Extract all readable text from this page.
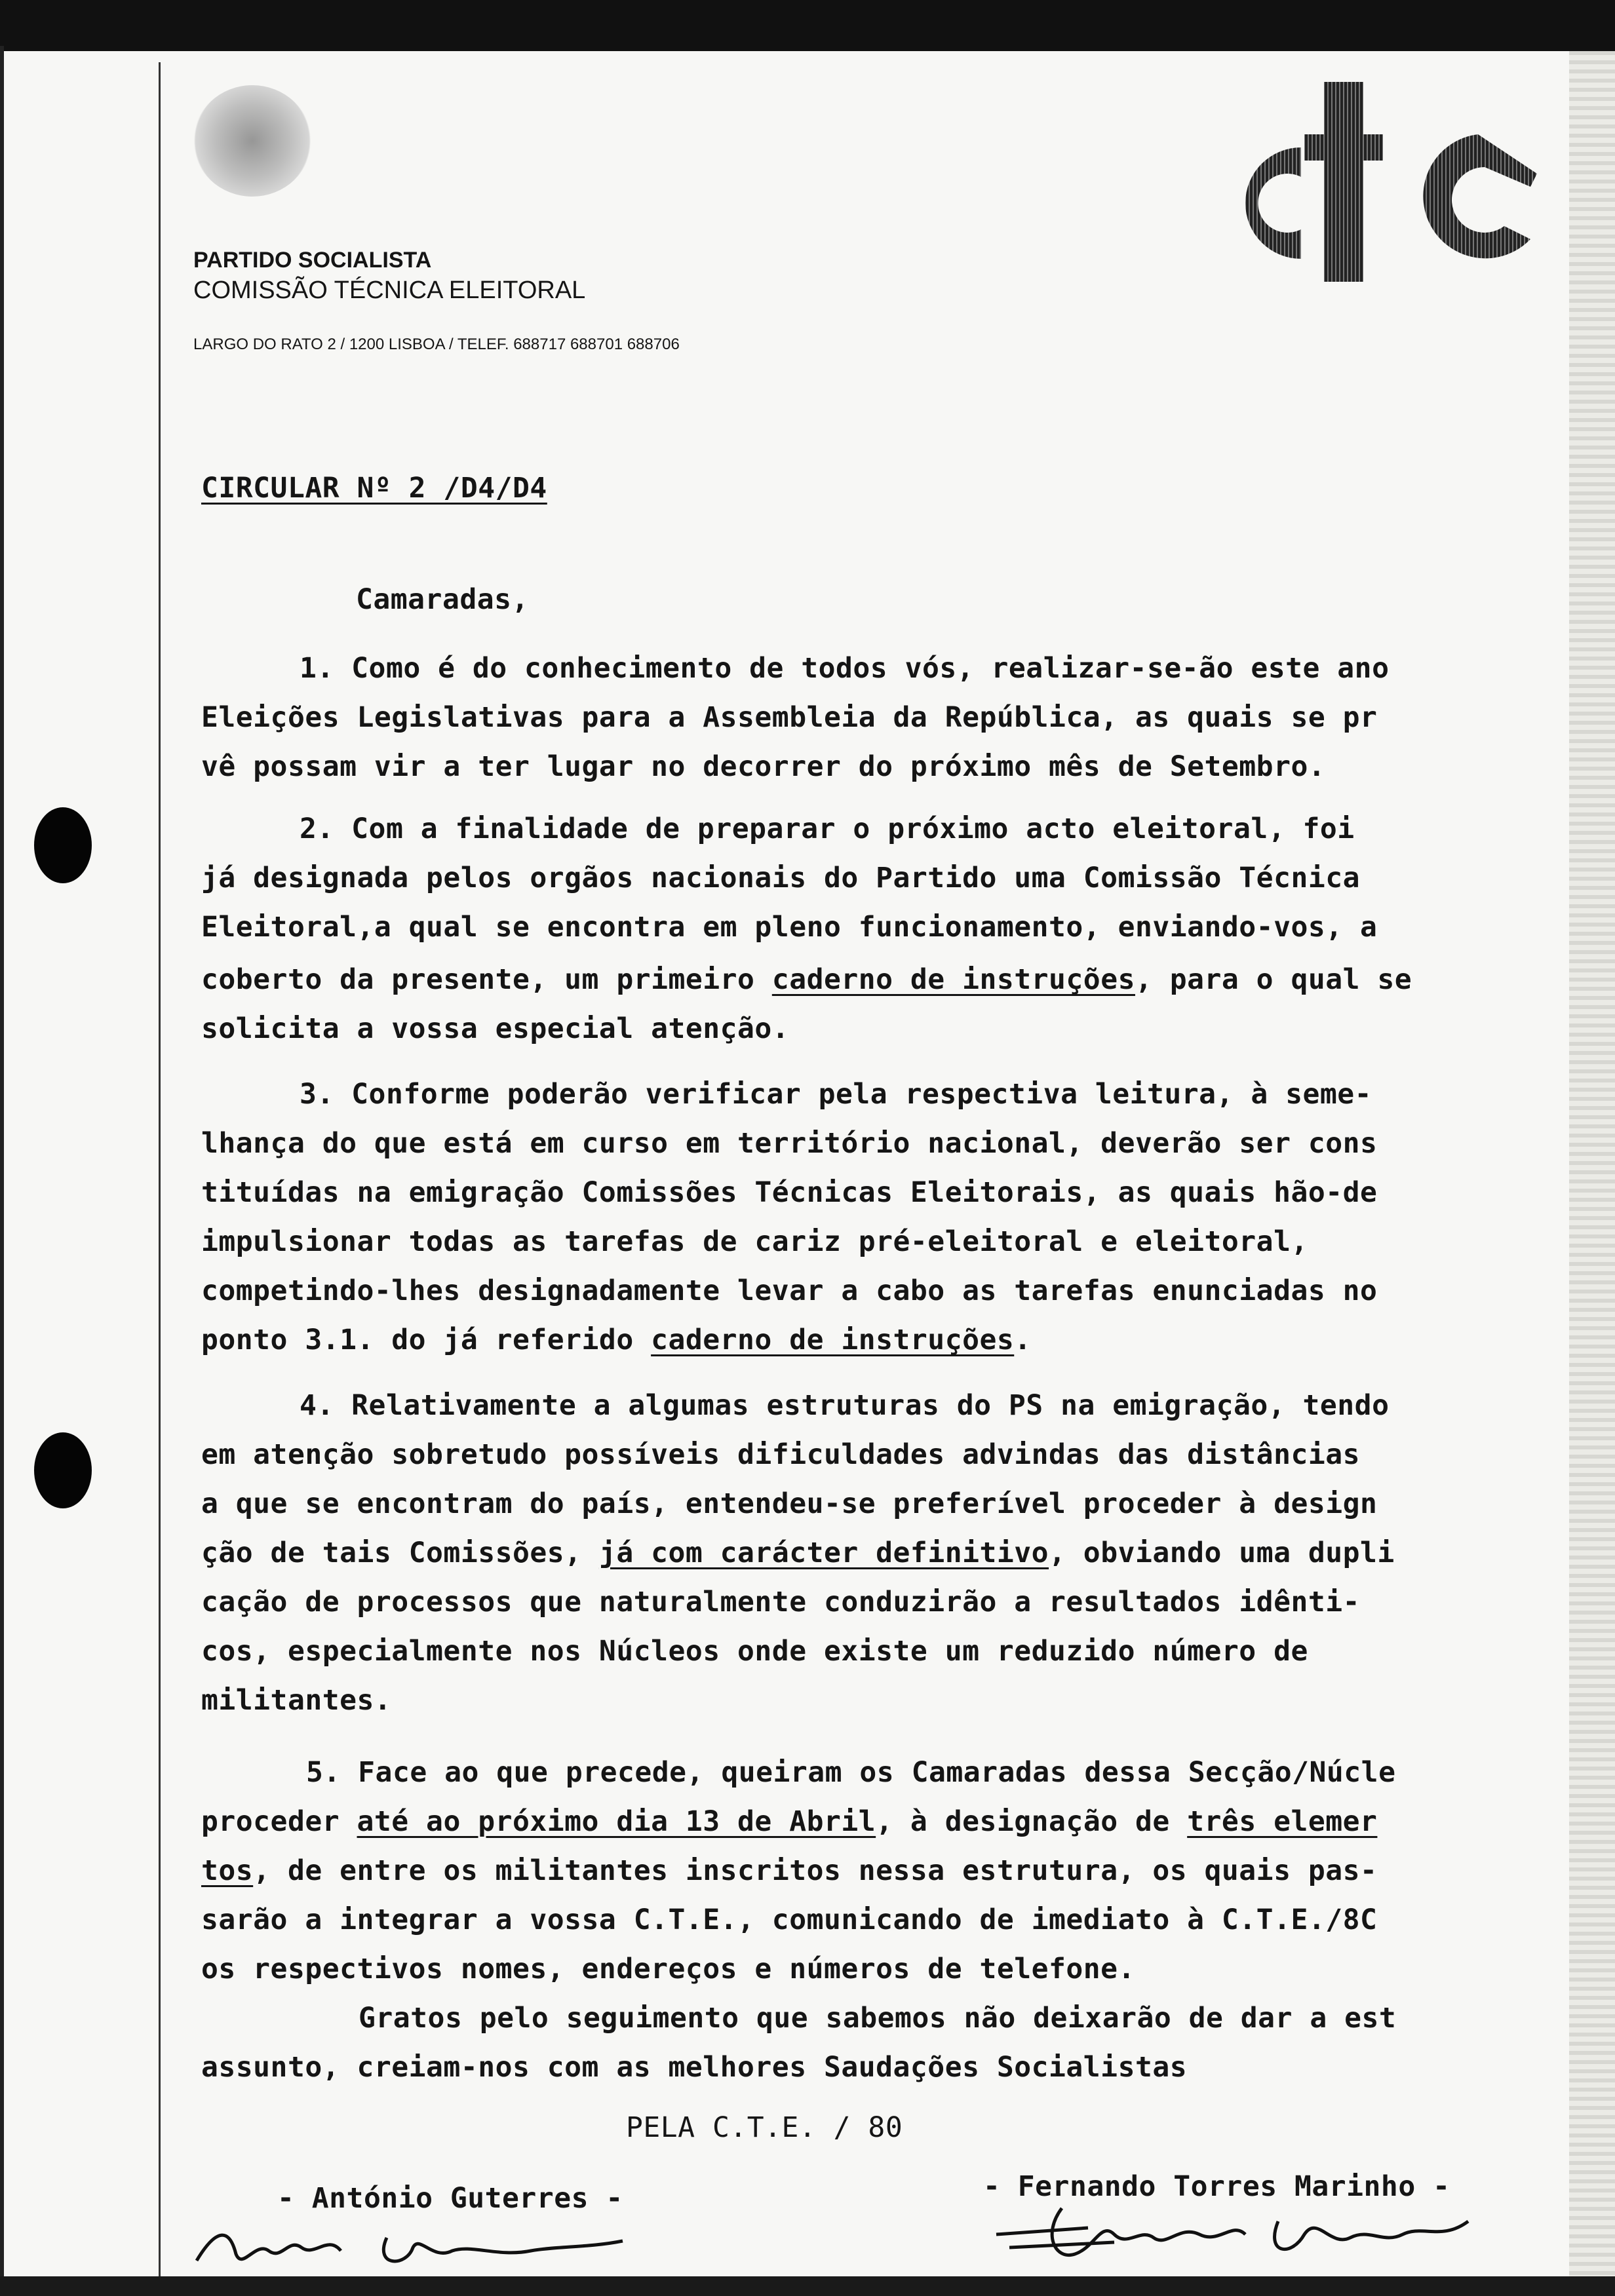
PARTIDO SOCIALISTA
COMISSÃO TÉCNICA ELEITORAL
LARGO DO RATO 2 / 1200 LISBOA / TELEF. 688717 688701 688706
CIRCULAR Nº 2 /D4/D4
Camaradas,
1. Como é do conhecimento de todos vós, realizar-se-ão este ano
Eleições Legislativas para a Assembleia da República, as quais se pr
vê possam vir a ter lugar no decorrer do próximo mês de Setembro.
2. Com a finalidade de preparar o próximo acto eleitoral, foi
já designada pelos orgãos nacionais do Partido uma Comissão Técnica
Eleitoral,a qual se encontra em pleno funcionamento, enviando-vos, a
coberto da presente, um primeiro caderno de instruções, para o qual se
solicita a vossa especial atenção.
3. Conforme poderão verificar pela respectiva leitura, à seme-
lhança do que está em curso em território nacional, deverão ser cons
tituídas na emigração Comissões Técnicas Eleitorais, as quais hão-de
impulsionar todas as tarefas de cariz pré-eleitoral e eleitoral,
competindo-lhes designadamente levar a cabo as tarefas enunciadas no
ponto 3.1. do já referido caderno de instruções.
4. Relativamente a algumas estruturas do PS na emigração, tendo
em atenção sobretudo possíveis dificuldades advindas das distâncias
a que se encontram do país, entendeu-se preferível proceder à design
ção de tais Comissões, já com carácter definitivo, obviando uma dupli
cação de processos que naturalmente conduzirão a resultados idênti-
cos, especialmente nos Núcleos onde existe um reduzido número de
militantes.
5. Face ao que precede, queiram os Camaradas dessa Secção/Núcle
proceder até ao próximo dia 13 de Abril, à designação de três elemer
tos, de entre os militantes inscritos nessa estrutura, os quais pas-
sarão a integrar a vossa C.T.E., comunicando de imediato à C.T.E./8C
os respectivos nomes, endereços e números de telefone.
Gratos pelo seguimento que sabemos não deixarão de dar a est
assunto, creiam-nos com as melhores Saudações Socialistas
PELA C.T.E. / 80
- António Guterres -	- Fernando Torres Marinho -
